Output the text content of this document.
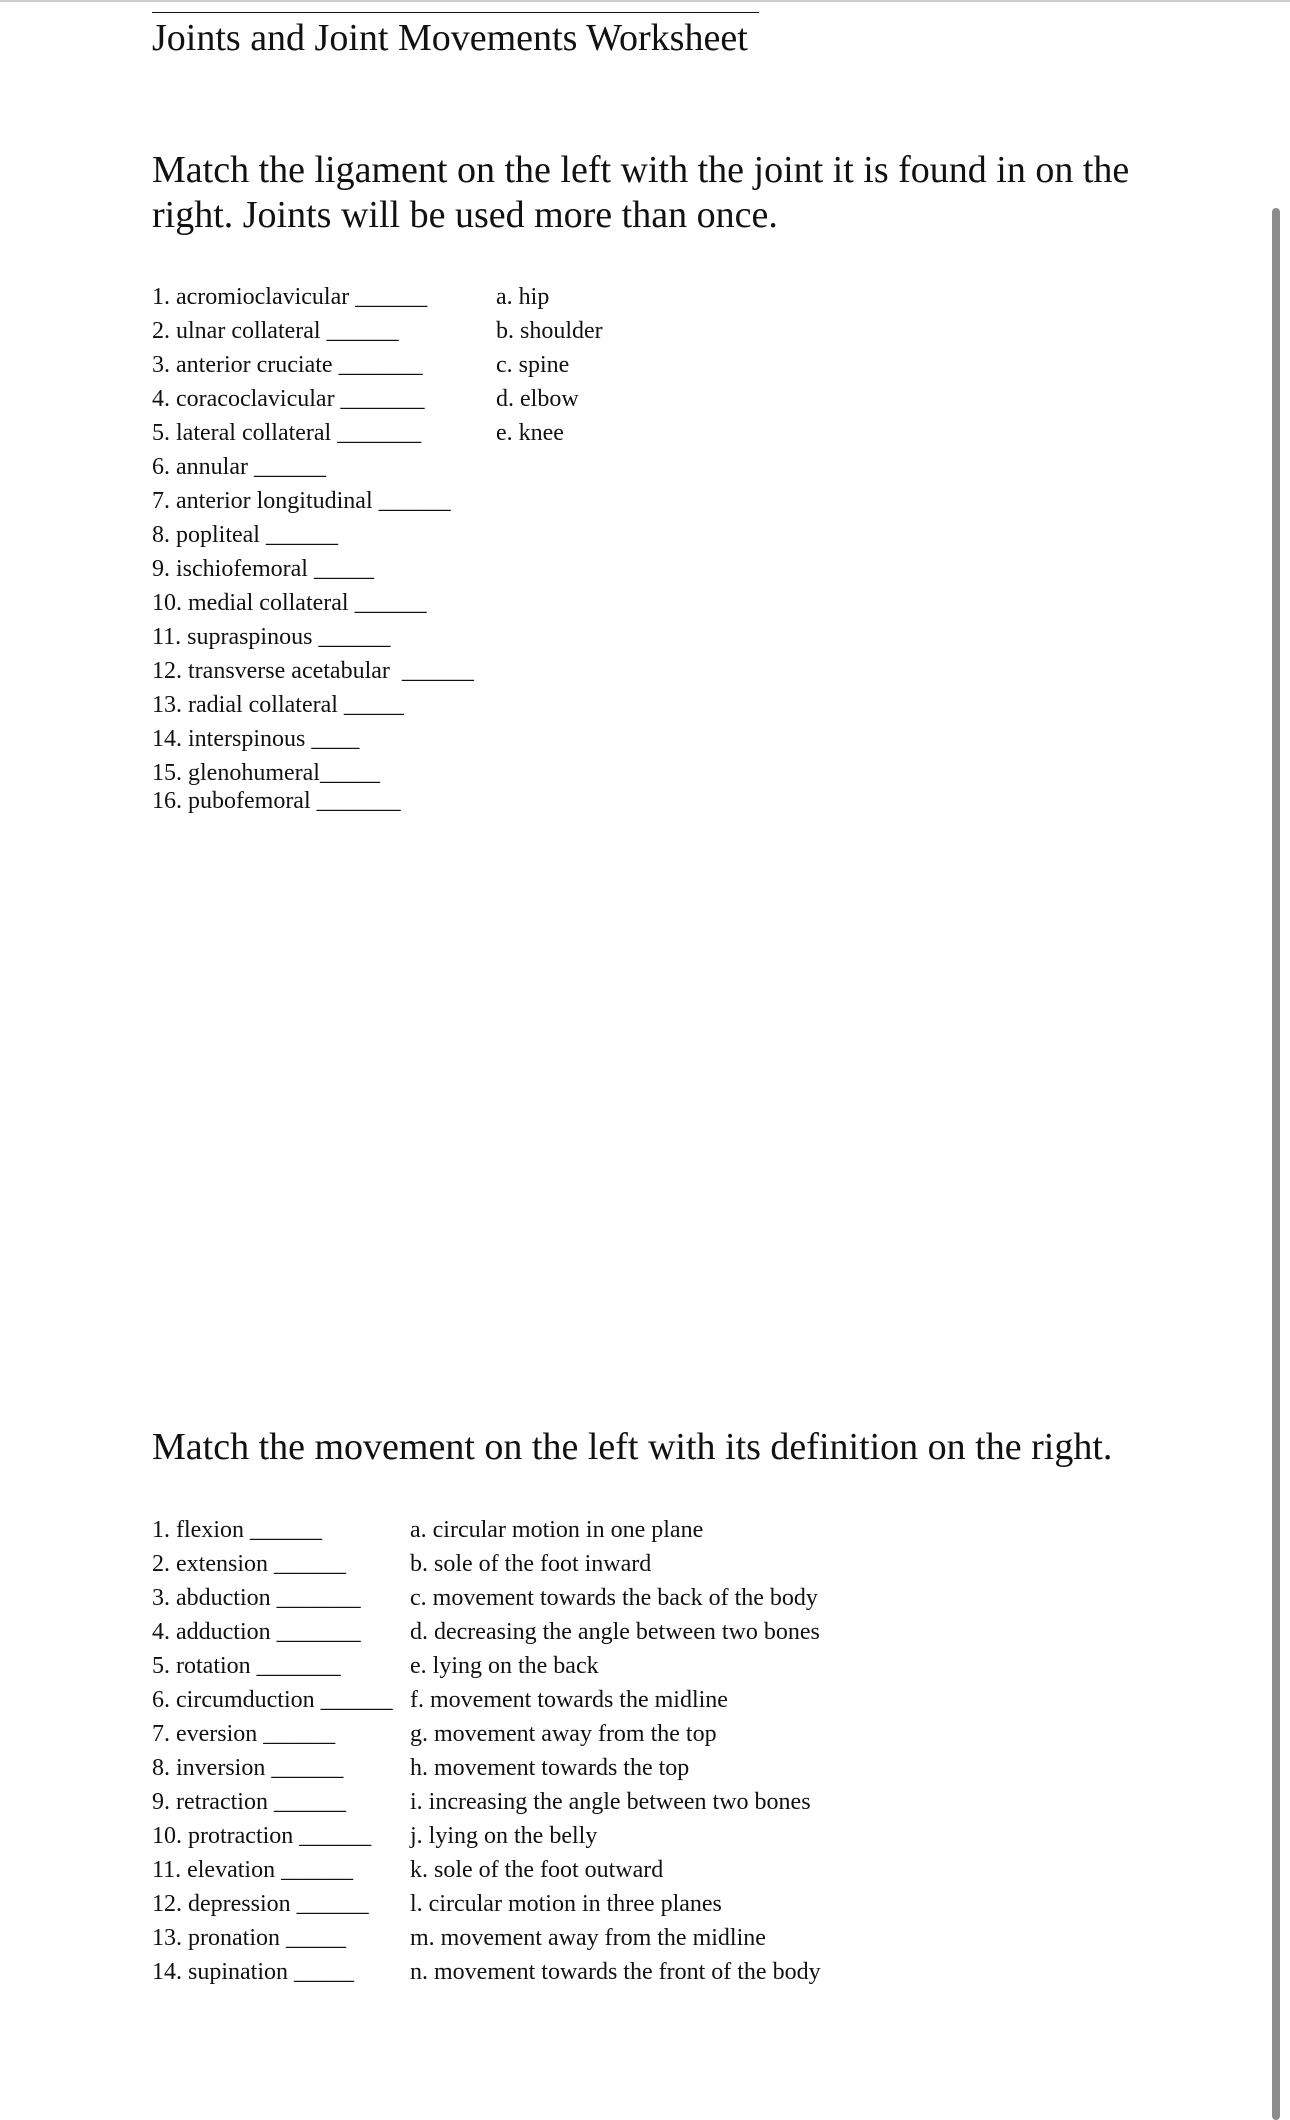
Joints and Joint Movements Worksheet
Match the ligament on the left with the joint it is found in on the right. Joints will be used more than once.
1. acromioclavicular ______
2. ulnar collateral ______
3. anterior cruciate _______
4. coracoclavicular _______
5. lateral collateral _______
6. annular ______
7. anterior longitudinal ______
8. popliteal ______
9. ischiofemoral _____
10. medial collateral ______
11. supraspinous ______
12. transverse acetabular  ______
13. radial collateral _____
14. interspinous ____
15. glenohumeral_____
16. pubofemoral _______
a. hip
b. shoulder
c. spine
d. elbow
e. knee
Match the movement on the left with its definition on the right.
1. flexion ______
2. extension ______
3. abduction _______
4. adduction _______
5. rotation _______
6. circumduction ______
7. eversion ______
8. inversion ______
9. retraction ______
10. protraction ______
11. elevation ______
12. depression ______
13. pronation _____
14. supination _____
a. circular motion in one plane
b. sole of the foot inward
c. movement towards the back of the body
d. decreasing the angle between two bones
e. lying on the back
f. movement towards the midline
g. movement away from the top
h. movement towards the top
i. increasing the angle between two bones
j. lying on the belly
k. sole of the foot outward
l. circular motion in three planes
m. movement away from the midline
n. movement towards the front of the body
